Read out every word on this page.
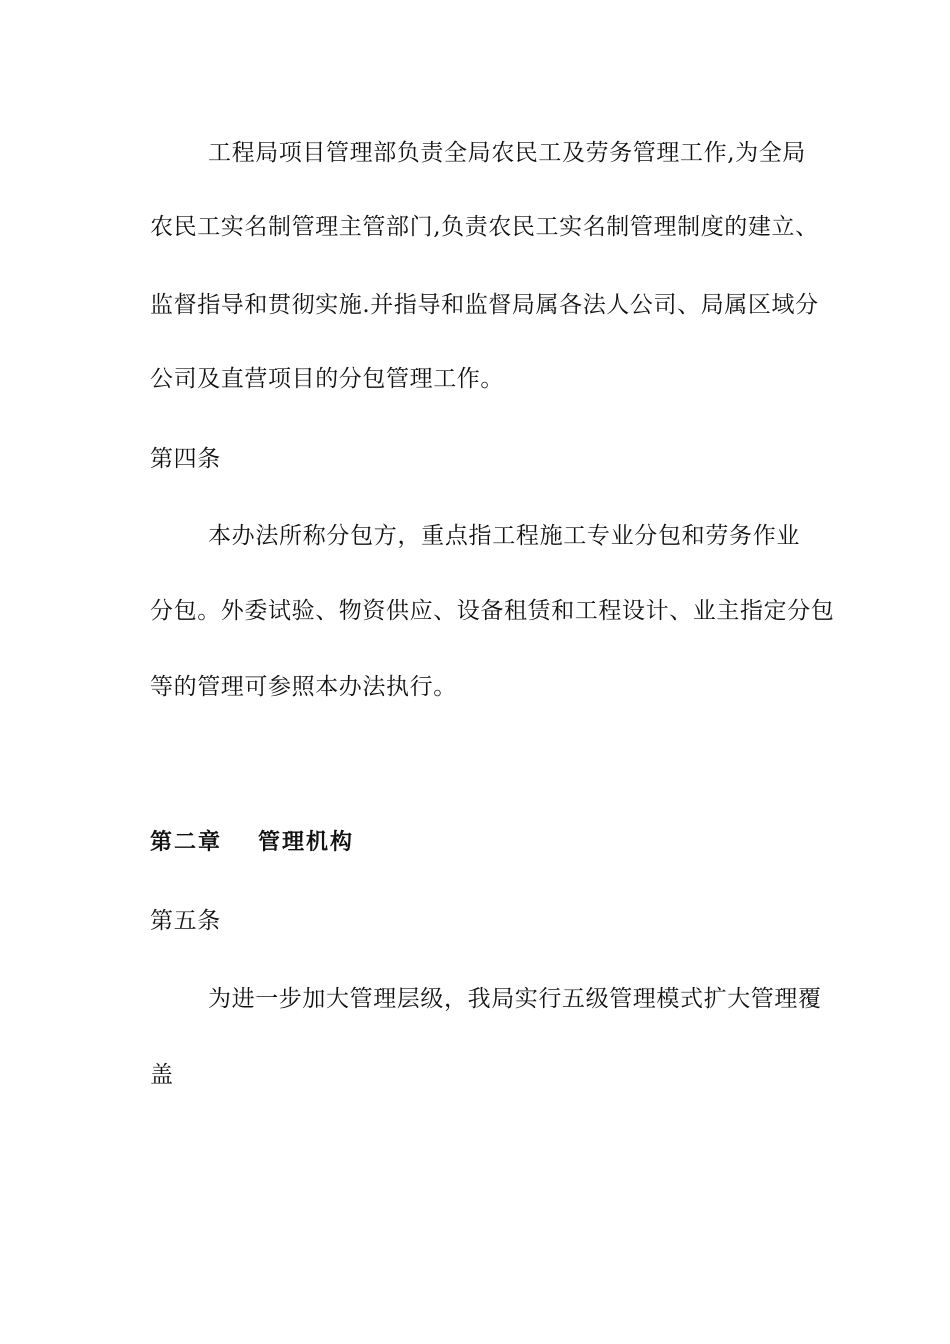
工程局项目管理部负责全局农民工及劳务管理工作,为全局
农民工实名制管理主管部门,负责农民工实名制管理制度的建立、
监督指导和贯彻实施.并指导和监督局属各法人公司、局属区域分
公司及直营项目的分包管理工作。
第四条
本办法所称分包方，重点指工程施工专业分包和劳务作业
分包。外委试验、物资供应、设备租赁和工程设计、业主指定分包
等的管理可参照本办法执行。
第二章 管理机构
第五条
为进一步加大管理层级，我局实行五级管理模式扩大管理覆
盖
